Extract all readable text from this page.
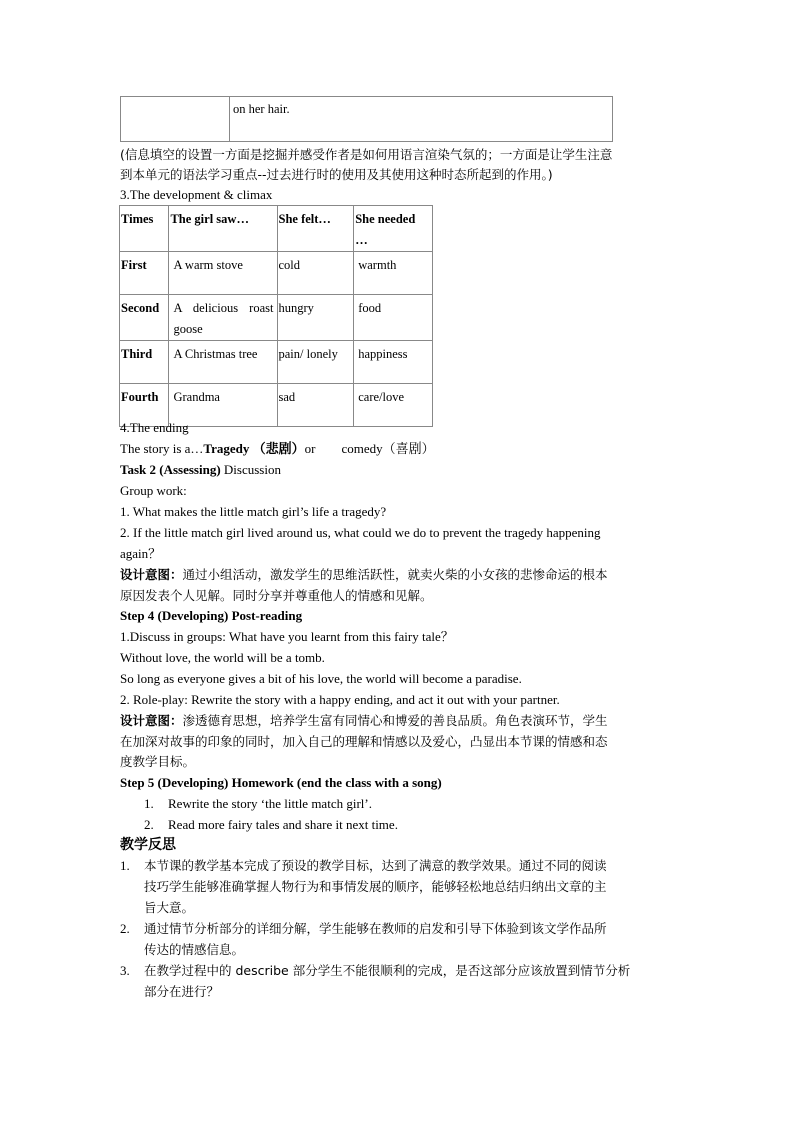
	on her hair.
(信息填空的设置一方面是挖掘并感受作者是如何用语言渲染气氛的；一方面是让学生注意
到本单元的语法学习重点--过去进行时的使用及其使用这种时态所起到的作用。)
3.The development & climax
Times	The girl saw…	She felt…	She needed …
First	A warm stove	cold	warmth
Second	A delicious roast goose	hungry	food
Third	A Christmas tree	pain/ lonely	happiness
Fourth	Grandma	sad	care/love
4.The ending
The story is a…Tragedy （悲剧）or comedy（喜剧）
Task 2 (Assessing) Discussion
Group work:
1. What makes the little match girl’s life a tragedy?
2. If the little match girl lived around us, what could we do to prevent the tragedy happening
again？
设计意图：通过小组活动，激发学生的思维活跃性，就卖火柴的小女孩的悲惨命运的根本
原因发表个人见解。同时分享并尊重他人的情感和见解。
Step 4 (Developing) Post-reading
1.Discuss in groups: What have you learnt from this fairy tale？
Without love, the world will be a tomb.
So long as everyone gives a bit of his love, the world will become a paradise.
2. Role-play: Rewrite the story with a happy ending, and act it out with your partner.
设计意图：渗透德育思想，培养学生富有同情心和博爱的善良品质。角色表演环节，学生
在加深对故事的印象的同时，加入自己的理解和情感以及爱心，凸显出本节课的情感和态
度教学目标。
Step 5 (Developing) Homework (end the class with a song)
1. Rewrite the story ‘the little match girl’.
2. Read more fairy tales and share it next time.
教学反思
1. 本节课的教学基本完成了预设的教学目标，达到了满意的教学效果。通过不同的阅读
技巧学生能够准确掌握人物行为和事情发展的顺序，能够轻松地总结归纳出文章的主
旨大意。
2. 通过情节分析部分的详细分解，学生能够在教师的启发和引导下体验到该文学作品所
传达的情感信息。
3. 在教学过程中的 describe 部分学生不能很顺利的完成，是否这部分应该放置到情节分析
部分在进行？
